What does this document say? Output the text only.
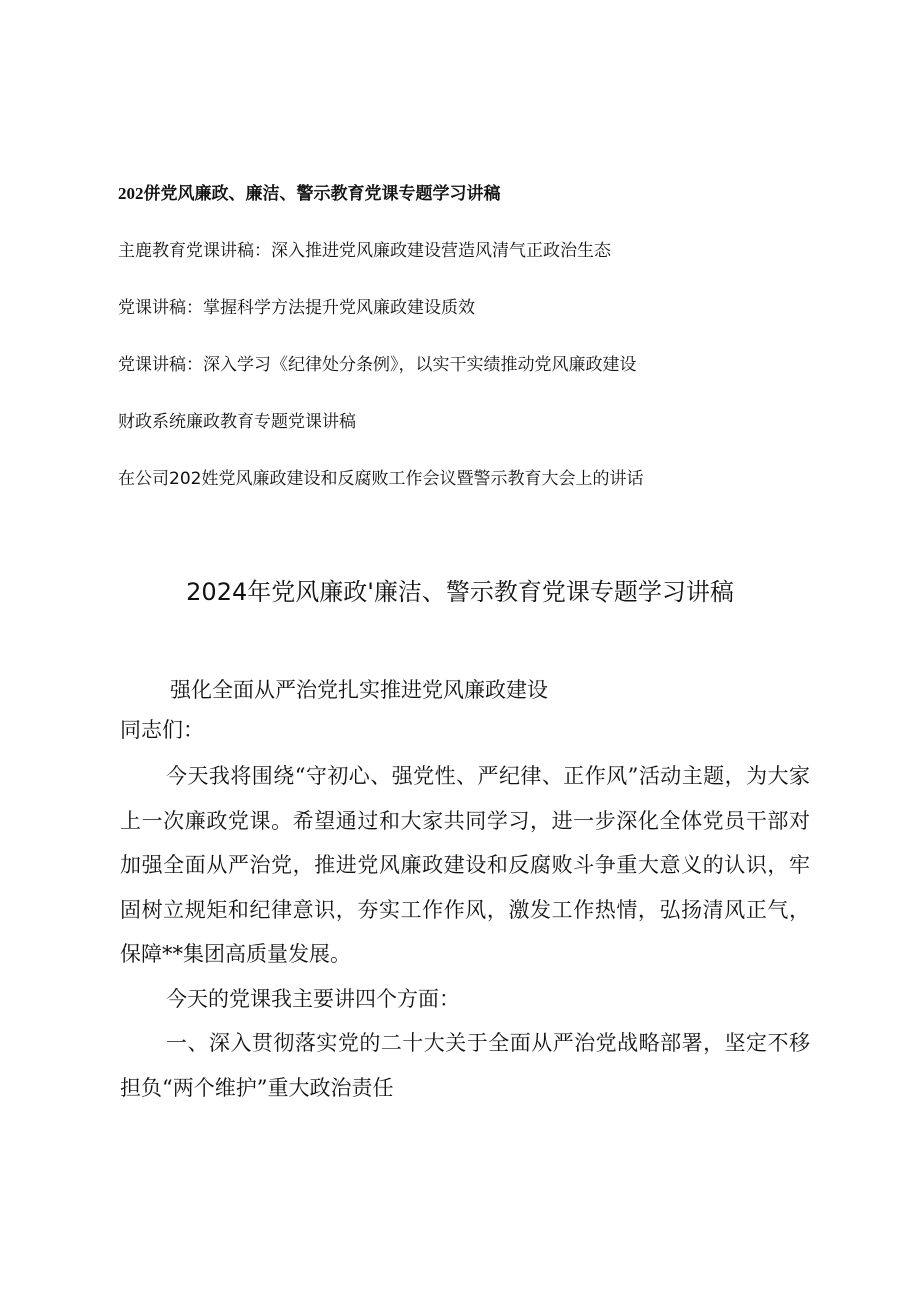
202併党风廉政、廉洁、警示教育党课专题学习讲稿
主鹿教育党课讲稿：深入推进党风廉政建设营造风清气正政治生态
党课讲稿：掌握科学方法提升党风廉政建设质效
党课讲稿：深入学习《纪律处分条例》，以实干实绩推动党风廉政建设
财政系统廉政教育专题党课讲稿
在公司202姓党风廉政建设和反腐败工作会议暨警示教育大会上的讲话
2024年党风廉政'廉洁、警示教育党课专题学习讲稿

强化全面从严治党扎实推进党风廉政建设

同志们：

今天我将围绕“守初心、强党性、严纪律、正作风”活动主题，为大家上一次廉政党课。希望通过和大家共同学习，进一步深化全体党员干部对加强全面从严治党，推进党风廉政建设和反腐败斗争重大意义的认识，牢固树立规矩和纪律意识，夯实工作作风，激发工作热情，弘扬清风正气，保障**集团高质量发展。

今天的党课我主要讲四个方面：

一、深入贯彻落实党的二十大关于全面从严治党战略部署，坚定不移担负“两个维护”重大政治责任
